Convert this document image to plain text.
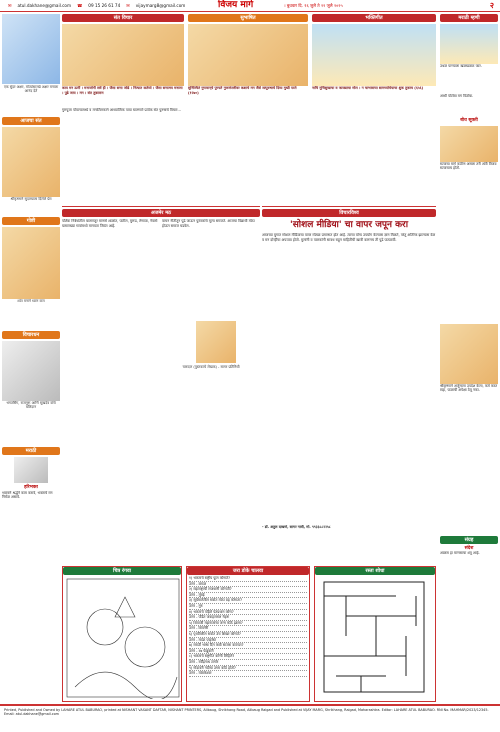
✉ atul.dakhane@gmail.com ☎ 09 15 26 61 74 ✉ vijaymarg8@gmail.com	विजय मार्ग	। बुधवार दि. १६ जुलै ते २२ जुलै २०२५	२
एक सुंदर अक्षर, मोत्यांसारखे अक्षर मनाला आनंद देते
आजचा संत
श्रीकृष्णाने सुदाम्याला दिलेले प्रेम
गोष्टी
शांत मनाने ध्यान करा
विचारधन
भगतसिंग, राजगुरू आणि सुखदेव यांचे बलिदान
मराठी
हरिभक्त
भक्ताने श्रद्धेने काम करावे, भक्ताचे मन निर्मळ असावे.
संत विचार
काय मन ऊर्मी । मनाजोगी सर्वे ही । जैसा सत्ता जोडे । नित्यात कर्तव्ये । जैसा सत्तामय मनाला । पुढे जाय । मन । संत तुकाराम
सुभाषित
सुनिश्चितं गुणवान्‌चे पुण्यते गुणसंपत्तीवर कशाचे मन जैसे सत्पुरुषाचे दिव्य मुखी परते (१२७०)
भक्तिगीत
नाचि मुचिसुखाचा व फायद्याचा मोल । न चाभावाचा सामर्थ्याचेयाचा शुक तुकाच (६५६)
गुरुपूजा पोवल्यामध्ये व मनातिलकाने आध्यात्मिक पाया घालणारे प्रत्येक संत पुरुषाचे विचार...
अजमेर मठ
पर्शिक निर्बंधांतील बालमजूर माणसे शाळांत, पाटील, मुरूड, लेणाळ, नेवासे यासारख्या गावांमध्ये मानवता जिवंत आहे.
वाचन नीतीतून पुढे जाऊन पुस्तकांचे मूल्य समजते. आजचा विद्यार्थी मोठा होऊन समाज घडवेल.
चारुदत्त (पुस्तकाचे लेखक) - सागर प्रतिनिधी
विचारविश्व
'सोशल मीडिया' चा वापर जपून करा
आजच्या युगात सोशल मीडियाचा वापर मोठ्या प्रमाणात होत आहे. त्याचा योग्य उपयोग केल्यास ज्ञान मिळते, परंतु अतिरेक झाल्यास वेळ व मन दोन्हींचा अपव्यय होतो. मुलांनी व पालकांनी सावध राहून माहितीची खात्री करूनच ती पुढे पाठवावी.
- डॉ. अतुल दाखणे, सागर गावी, मो. ९९३३८८२२५८
मराठी म्हणी
उथळ पाण्याला खळखळाट फार.
आधी पोटोबा मग विठोबा.
बोध सूक्ती
सत्याचा मार्ग कठीण असला तरी अंती विजय सत्याचाच होतो.
श्रीकृष्णाने अर्जुनाला उपदेश केला, कर्म करत राहा, फळाची अपेक्षा ठेवू नका.
संग्रह
संदेश
आळस हा माणसाचा शत्रू आहे.
चित्र रंगवा	जरा डोके चालवा
१) भारताचे राष्ट्रीय फूल कोणते?
उत्तर - कमळ
२) महाराष्ट्राची राजधानी कोणती?
उत्तर - मुंबई
३) सूर्यमालेतील सर्वात मोठा ग्रह कोणता?
उत्तर - गुरु
४) भारताचे पहिले पंतप्रधान कोण?
उत्तर - पंडित जवाहरलाल नेहरू
५) शिवाजी महाराजांचा जन्म कोठे झाला?
उत्तर - शिवनेरी
६) पृथ्वीवरील सर्वात उंच शिखर कोणते?
उत्तर - माउंट एव्हरेस्ट
७) मराठी भाषा दिन कधी साजरा करतात?
उत्तर - २७ फेब्रुवारी
८) भारताचे राष्ट्रगीत कोणी लिहिले?
उत्तर - रवींद्रनाथ टागोर
९) गोदावरी नदीचा उगम कोठे होतो?
उत्तर - त्र्यंबकेश्वर
रस्ता शोधा
Printed, Published and Owned by LAHARE ATUL BABURAO, printed at NISHANT VASANT DAFTAR, NISHANT PRINTERS, Alibaug, Shrikhang Road, Alibaug Raigad and Published at VIJAY MARG, Shrikhang, Raigad, Maharashtra. Editor: LAHARE ATUL BABURAO. RNI No. MAHMAR/2023/12345. Email: atul.dakhane@gmail.com
